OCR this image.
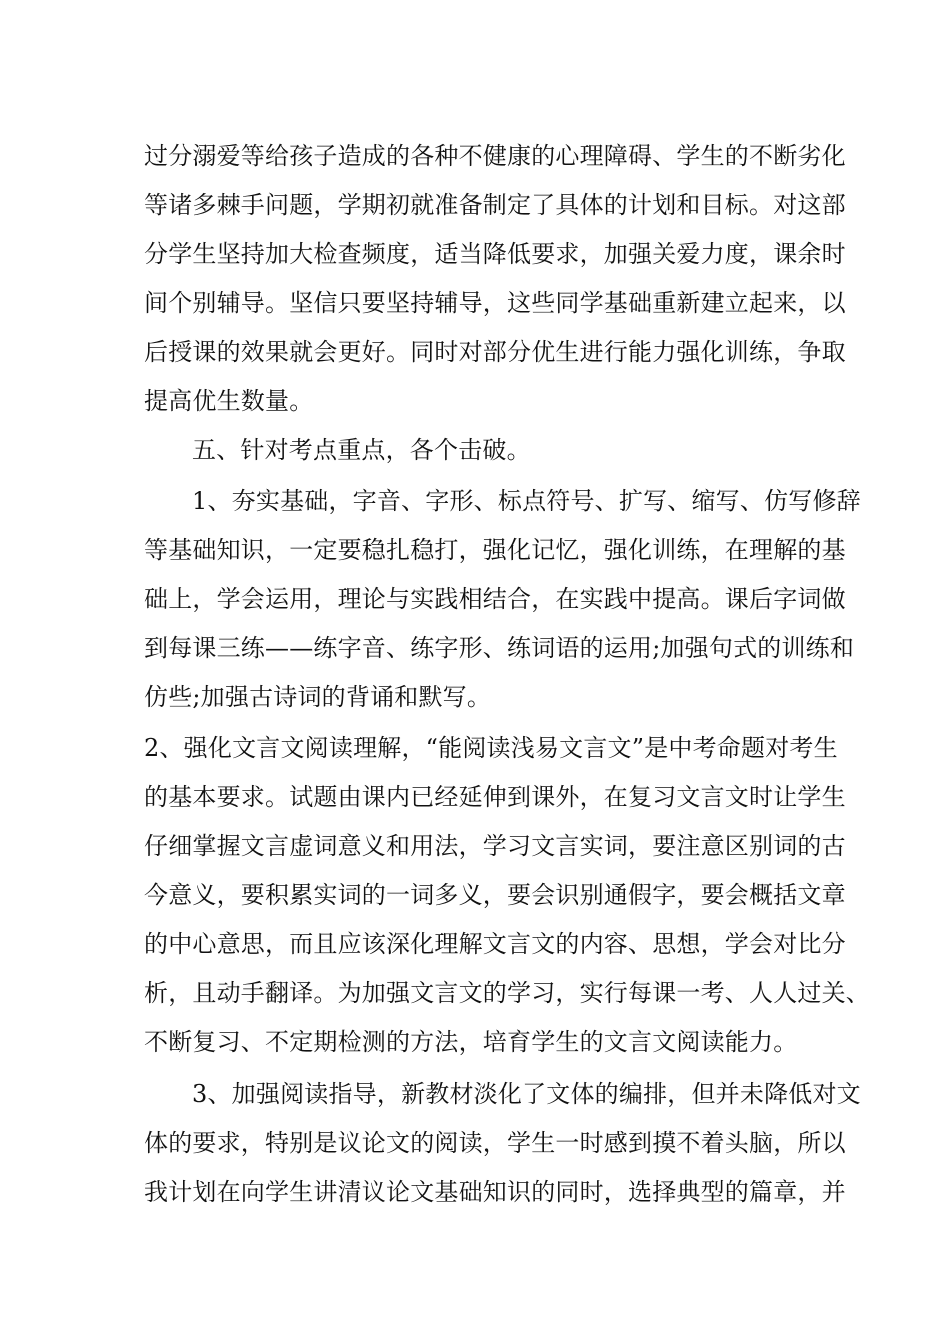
过分溺爱等给孩子造成的各种不健康的心理障碍、学生的不断劣化

等诸多棘手问题，学期初就准备制定了具体的计划和目标。对这部

分学生坚持加大检查频度，适当降低要求，加强关爱力度，课余时

间个别辅导。坚信只要坚持辅导，这些同学基础重新建立起来，以

后授课的效果就会更好。同时对部分优生进行能力强化训练，争取

提高优生数量。

五、针对考点重点，各个击破。

1、夯实基础，字音、字形、标点符号、扩写、缩写、仿写修辞

等基础知识，一定要稳扎稳打，强化记忆，强化训练，在理解的基

础上，学会运用，理论与实践相结合，在实践中提高。课后字词做

到每课三练——练字音、练字形、练词语的运用;加强句式的训练和

仿些;加强古诗词的背诵和默写。

2、强化文言文阅读理解，“能阅读浅易文言文”是中考命题对考生

的基本要求。试题由课内已经延伸到课外，在复习文言文时让学生

仔细掌握文言虚词意义和用法，学习文言实词，要注意区别词的古

今意义，要积累实词的一词多义，要会识别通假字，要会概括文章

的中心意思，而且应该深化理解文言文的内容、思想，学会对比分

析，且动手翻译。为加强文言文的学习，实行每课一考、人人过关、

不断复习、不定期检测的方法，培育学生的文言文阅读能力。

3、加强阅读指导，新教材淡化了文体的编排，但并未降低对文

体的要求，特别是议论文的阅读，学生一时感到摸不着头脑，所以

我计划在向学生讲清议论文基础知识的同时，选择典型的篇章，并
